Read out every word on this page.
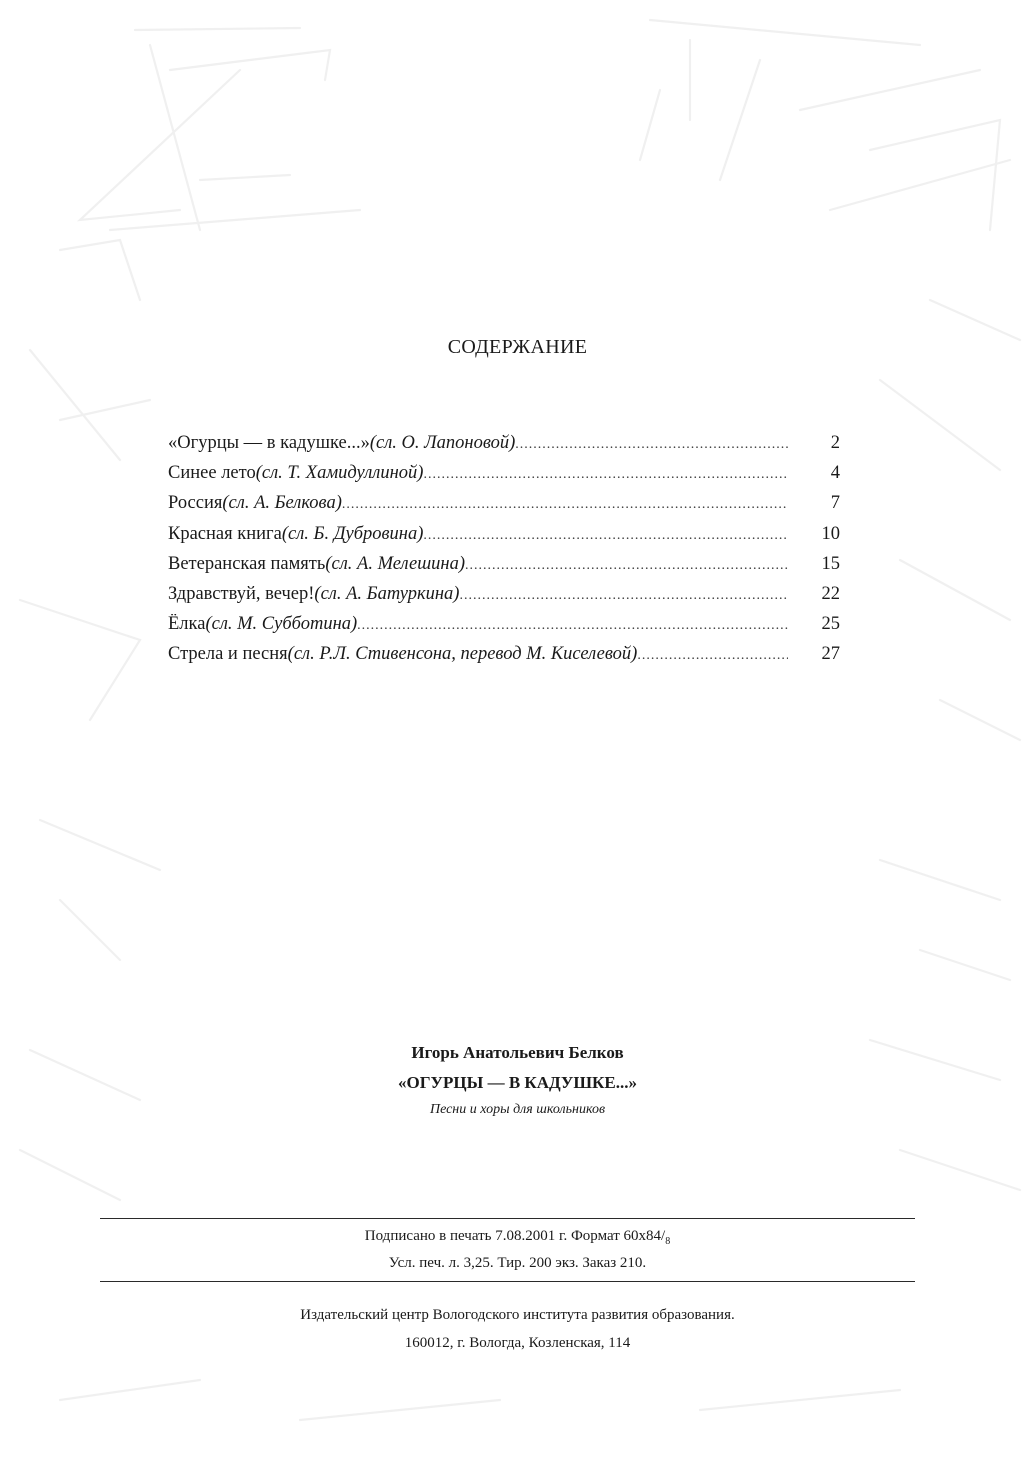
СОДЕРЖАНИЕ
«Огурцы — в кадушке...» (сл. О. Лапоновой) .....	2
Синее лето (сл. Т. Хамидуллиной) .....	4
Россия (сл. А. Белкова) .....	7
Красная книга (сл. Б. Дубровина) .....	10
Ветеранская память (сл. А. Мелешина) .....	15
Здравствуй, вечер! (сл. А. Батуркина) .....	22
Ёлка (сл. М. Субботина) .....	25
Стрела и песня (сл. Р.Л. Стивенсона, перевод М. Киселевой) .....	27
Игорь Анатольевич Белков
«ОГУРЦЫ — В КАДУШКЕ...»
Песни и хоры для школьников
Подписано в печать 7.08.2001 г. Формат $60x84/_8$
Усл. печ. л. 3,25. Тир. 200 экз. Заказ 210.
Издательский центр Вологодского института развития образования.
160012, г. Вологда, Козленская, 114
